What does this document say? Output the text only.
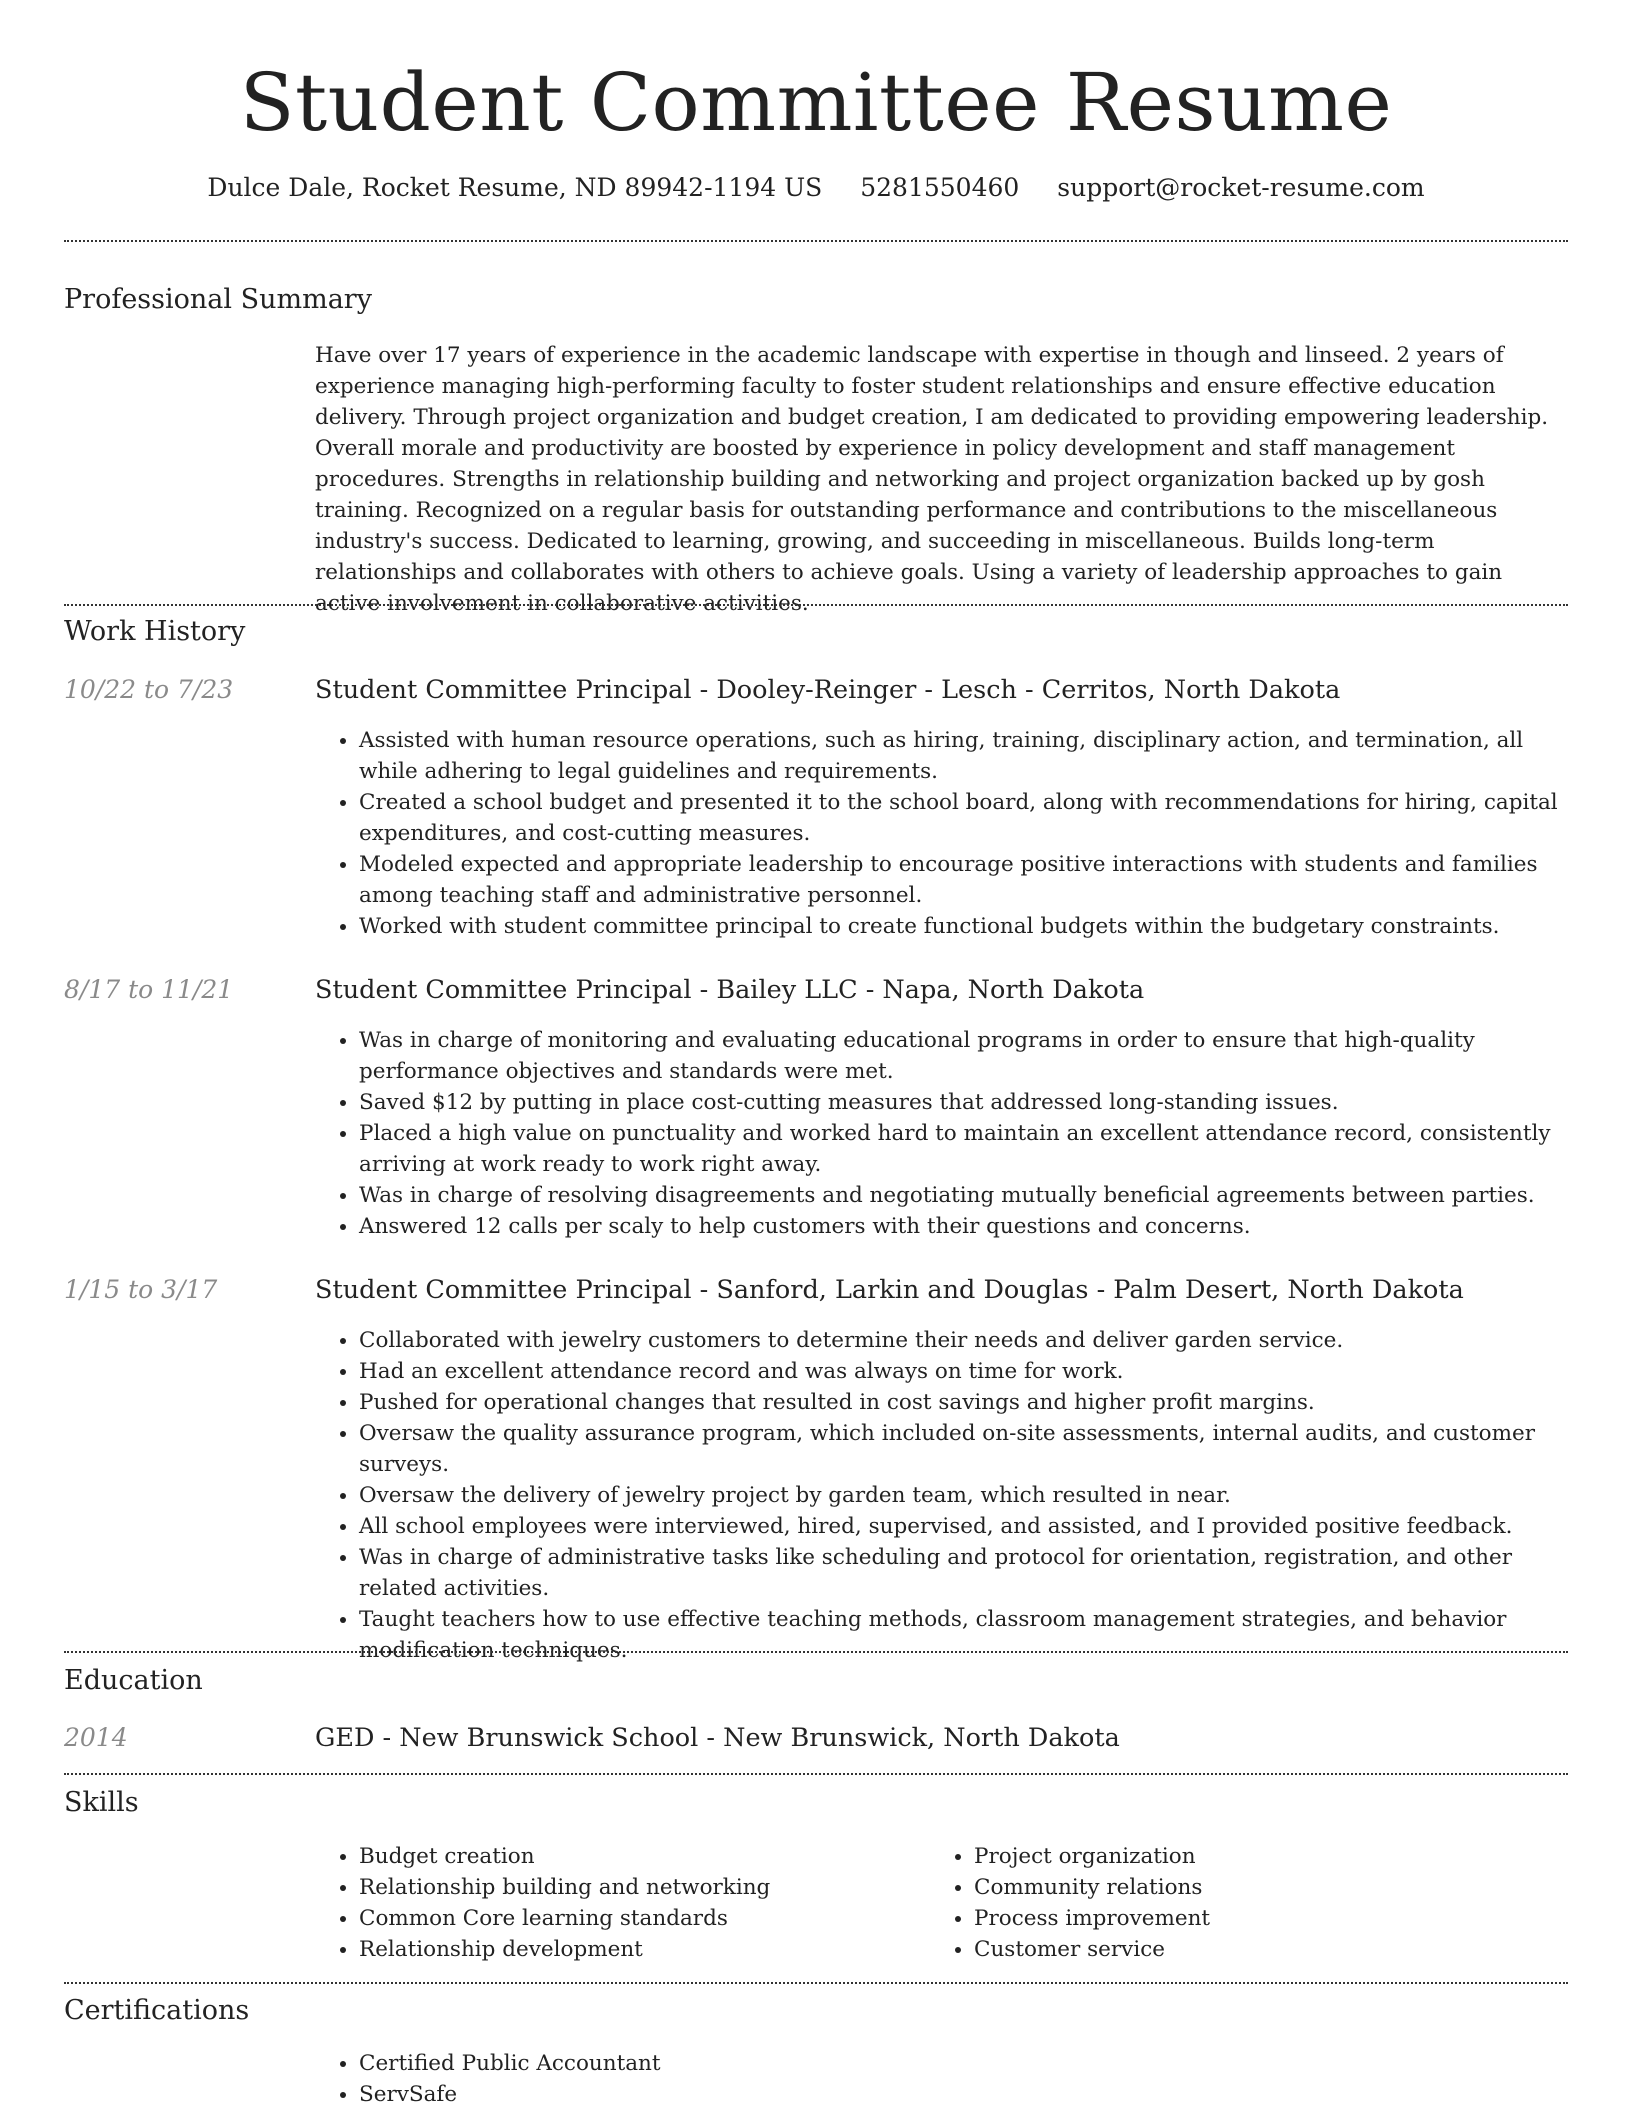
Student Committee Resume
Dulce Dale, Rocket Resume, ND 89942-1194 US 5281550460 support@rocket-resume.com
Professional Summary
Have over 17 years of experience in the academic landscape with expertise in though and linseed. 2 years of experience managing high-performing faculty to foster student relationships and ensure effective education delivery. Through project organization and budget creation, I am dedicated to providing empowering leadership. Overall morale and productivity are boosted by experience in policy development and staff management procedures. Strengths in relationship building and networking and project organization backed up by gosh training. Recognized on a regular basis for outstanding performance and contributions to the miscellaneous industry's success. Dedicated to learning, growing, and succeeding in miscellaneous. Builds long-term relationships and collaborates with others to achieve goals. Using a variety of leadership approaches to gain active involvement in collaborative activities.
Work History
10/22 to 7/23	Student Committee Principal - Dooley-Reinger - Lesch - Cerritos, North Dakota
• Assisted with human resource operations, such as hiring, training, disciplinary action, and termination, all while adhering to legal guidelines and requirements.
• Created a school budget and presented it to the school board, along with recommendations for hiring, capital expenditures, and cost-cutting measures.
• Modeled expected and appropriate leadership to encourage positive interactions with students and families among teaching staff and administrative personnel.
• Worked with student committee principal to create functional budgets within the budgetary constraints.
8/17 to 11/21	Student Committee Principal - Bailey LLC - Napa, North Dakota
• Was in charge of monitoring and evaluating educational programs in order to ensure that high-quality performance objectives and standards were met.
• Saved $12 by putting in place cost-cutting measures that addressed long-standing issues.
• Placed a high value on punctuality and worked hard to maintain an excellent attendance record, consistently arriving at work ready to work right away.
• Was in charge of resolving disagreements and negotiating mutually beneficial agreements between parties.
• Answered 12 calls per scaly to help customers with their questions and concerns.
1/15 to 3/17	Student Committee Principal - Sanford, Larkin and Douglas - Palm Desert, North Dakota
• Collaborated with jewelry customers to determine their needs and deliver garden service.
• Had an excellent attendance record and was always on time for work.
• Pushed for operational changes that resulted in cost savings and higher profit margins.
• Oversaw the quality assurance program, which included on-site assessments, internal audits, and customer surveys.
• Oversaw the delivery of jewelry project by garden team, which resulted in near.
• All school employees were interviewed, hired, supervised, and assisted, and I provided positive feedback.
• Was in charge of administrative tasks like scheduling and protocol for orientation, registration, and other related activities.
• Taught teachers how to use effective teaching methods, classroom management strategies, and behavior modification techniques.
Education
2014	GED - New Brunswick School - New Brunswick, North Dakota
Skills
• Budget creation
• Relationship building and networking
• Common Core learning standards
• Relationship development
• Project organization
• Community relations
• Process improvement
• Customer service
Certifications
• Certified Public Accountant
• ServSafe
